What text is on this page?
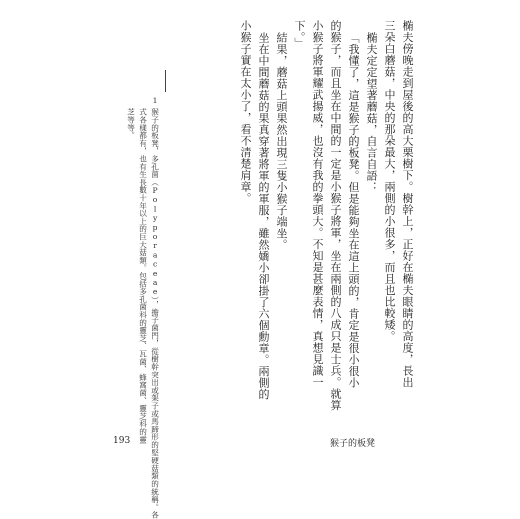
椭夫傍晚走到屋後的高大栗樹下。樹幹上，正好在椭夫眼睛的高度，長出
三朵白蘑菇，中央的那朵最大，兩側的小很多，而且也比較矮。
椭夫定定望著蘑菇，自言自語：
「我懂了，這是猴子的板凳。但是能夠坐在這上頭的，肯定是很小很小
的猴子，而且坐在中間的一定是小猴子將軍，坐在兩側的八成只是士兵。就算
小猴子將軍耀武揚威，也沒有我的拳頭大。不知是甚麼表情，真想見識一
下。」
結果，蘑菇上頭果然出現三隻小猴子端坐。
坐在中間蘑菇的果真穿著將軍的軍服，雖然嬌小卻掛了六個勳章。兩側的
小猴子實在太小了，看不清楚肩章。
1
猴子的板凳，多孔菌（Polyporaceae），擔子菌門，從樹幹突出或架子或馬蹄形的堅硬菇類的統稱。各
式各樣都有，也有生長數十年以上的巨大菇類。包括多孔菌科的靈芝、瓦菌、蜂窩菌、靈芝科的靈
芝等等。
193	猴子的板凳
